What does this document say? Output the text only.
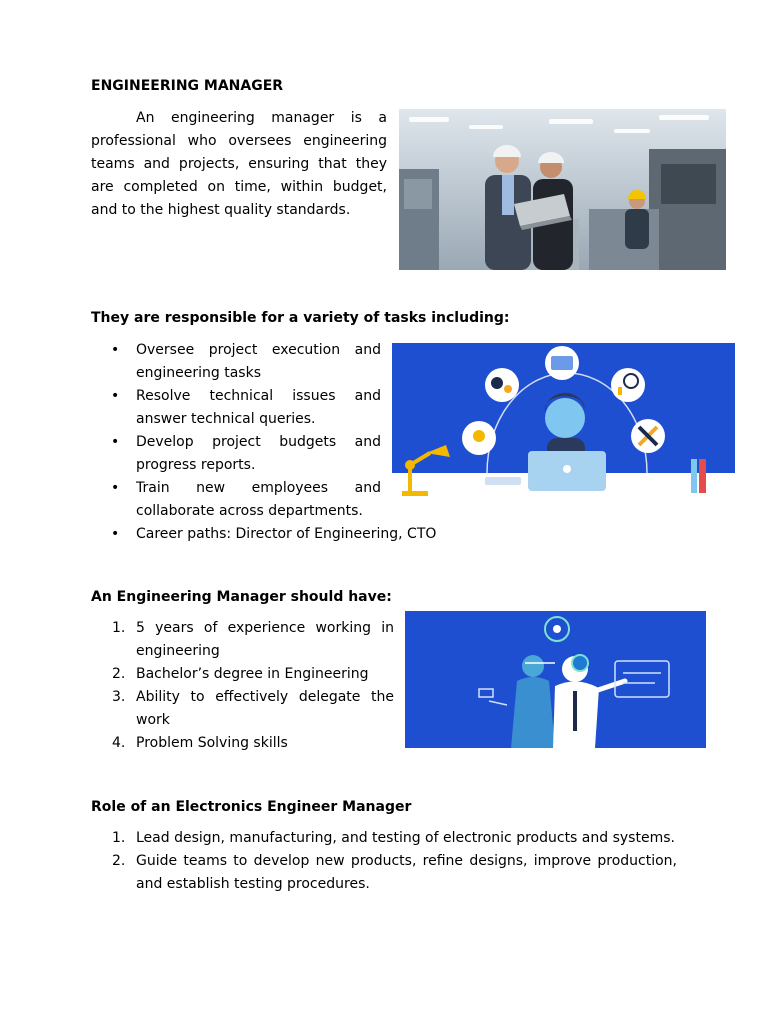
ENGINEERING MANAGER
An engineering manager is a
professional who oversees engineering
teams and projects, ensuring that they
are completed on time, within budget,
and to the highest quality standards.
They are responsible for a variety of tasks including:
•	Oversee project execution and engineering tasks
•	Resolve technical issues and answer technical queries.
•	Develop project budgets and progress reports.
•	Train new employees and collaborate across departments.
•	Career paths: Director of Engineering, CTO
An Engineering Manager should have:
1. 5 years of experience working in engineering
2. Bachelor’s degree in Engineering
3. Ability to effectively delegate the work
4. Problem Solving skills
Role of an Electronics Engineer Manager
1. Lead design, manufacturing, and testing of electronic products and systems.
2. Guide teams to develop new products, refine designs, improve production, and establish testing procedures.
